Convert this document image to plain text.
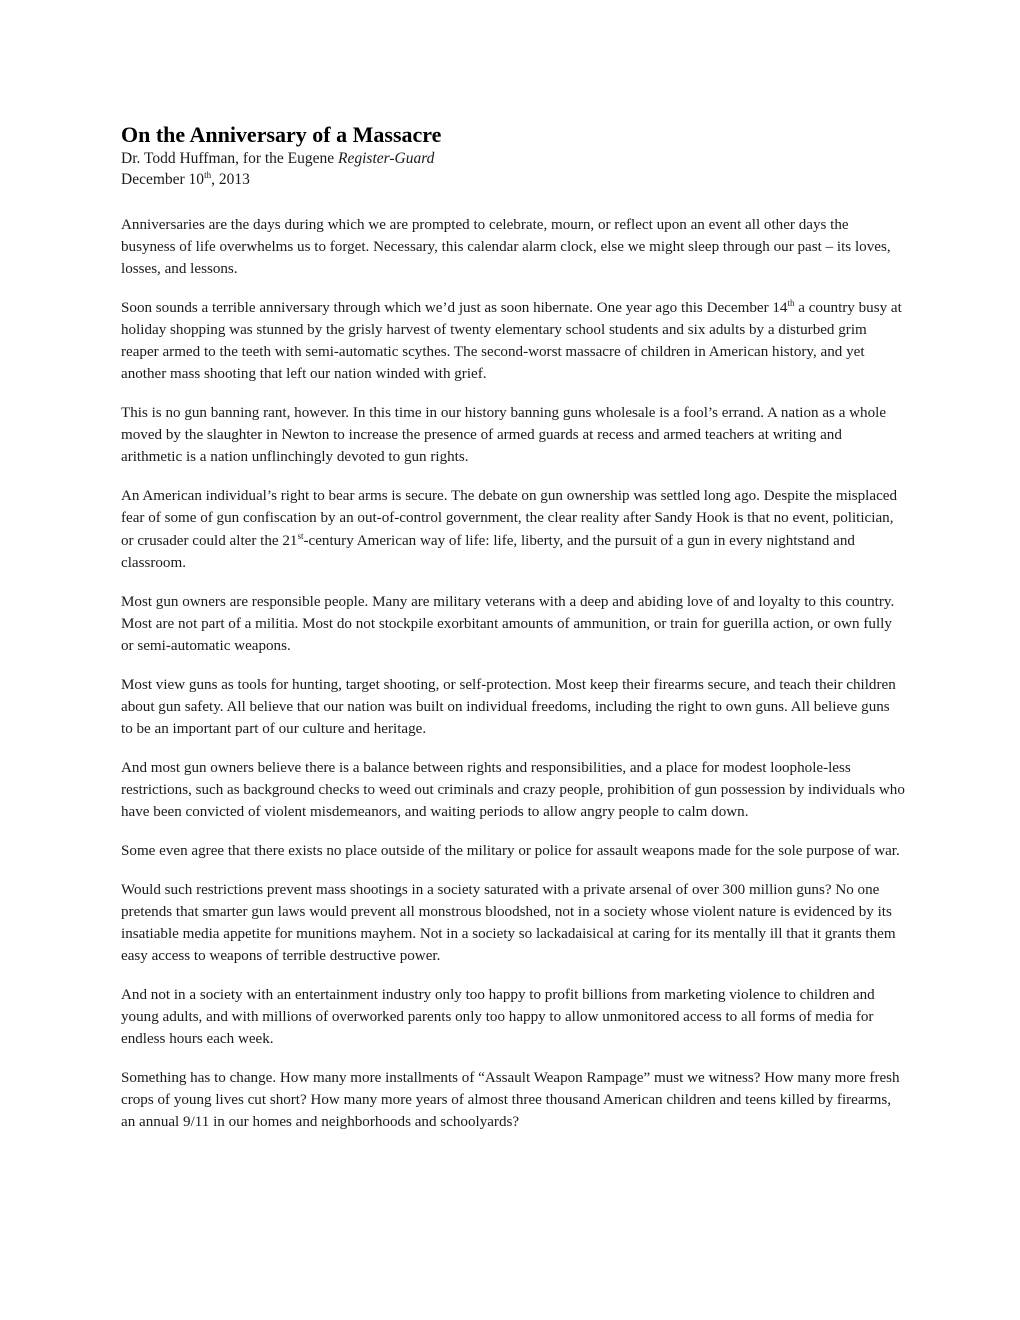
On the Anniversary of a Massacre

Dr. Todd Huffman, for the Eugene Register-Guard

December 10th, 2013

Anniversaries are the days during which we are prompted to celebrate, mourn, or reflect upon an event all other days the busyness of life overwhelms us to forget. Necessary, this calendar alarm clock, else we might sleep through our past – its loves, losses, and lessons.

Soon sounds a terrible anniversary through which we’d just as soon hibernate. One year ago this December 14th a country busy at holiday shopping was stunned by the grisly harvest of twenty elementary school students and six adults by a disturbed grim reaper armed to the teeth with semi-automatic scythes. The second-worst massacre of children in American history, and yet another mass shooting that left our nation winded with grief.

This is no gun banning rant, however. In this time in our history banning guns wholesale is a fool’s errand. A nation as a whole moved by the slaughter in Newton to increase the presence of armed guards at recess and armed teachers at writing and arithmetic is a nation unflinchingly devoted to gun rights.

An American individual’s right to bear arms is secure. The debate on gun ownership was settled long ago. Despite the misplaced fear of some of gun confiscation by an out-of-control government, the clear reality after Sandy Hook is that no event, politician, or crusader could alter the 21st-century American way of life: life, liberty, and the pursuit of a gun in every nightstand and classroom.

Most gun owners are responsible people. Many are military veterans with a deep and abiding love of and loyalty to this country. Most are not part of a militia. Most do not stockpile exorbitant amounts of ammunition, or train for guerilla action, or own fully or semi-automatic weapons.

Most view guns as tools for hunting, target shooting, or self-protection. Most keep their firearms secure, and teach their children about gun safety. All believe that our nation was built on individual freedoms, including the right to own guns. All believe guns to be an important part of our culture and heritage.

And most gun owners believe there is a balance between rights and responsibilities, and a place for modest loophole-less restrictions, such as background checks to weed out criminals and crazy people, prohibition of gun possession by individuals who have been convicted of violent misdemeanors, and waiting periods to allow angry people to calm down.

Some even agree that there exists no place outside of the military or police for assault weapons made for the sole purpose of war.

Would such restrictions prevent mass shootings in a society saturated with a private arsenal of over 300 million guns? No one pretends that smarter gun laws would prevent all monstrous bloodshed, not in a society whose violent nature is evidenced by its insatiable media appetite for munitions mayhem. Not in a society so lackadaisical at caring for its mentally ill that it grants them easy access to weapons of terrible destructive power.

And not in a society with an entertainment industry only too happy to profit billions from marketing violence to children and young adults, and with millions of overworked parents only too happy to allow unmonitored access to all forms of media for endless hours each week.

Something has to change. How many more installments of “Assault Weapon Rampage” must we witness? How many more fresh crops of young lives cut short? How many more years of almost three thousand American children and teens killed by firearms, an annual 9/11 in our homes and neighborhoods and schoolyards?
